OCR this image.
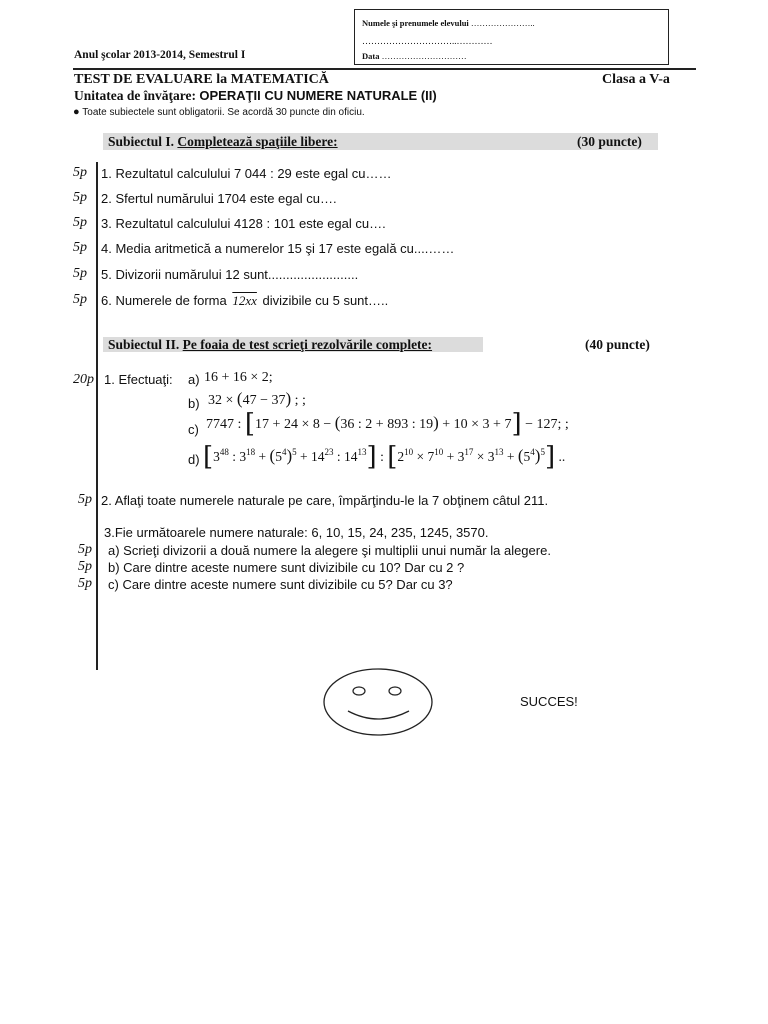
Numele şi prenumele elevului …………………..
…………………………..…………
Data …………………………
Anul şcolar 2013-2014, Semestrul I
TEST DE EVALUARE la MATEMATICĂ	Clasa a V-a
Unitatea de învăţare: OPERAŢII CU NUMERE NATURALE (II)
● Toate subiectele sunt obligatorii. Se acordă 30 puncte din oficiu.
Subiectul I. Completează spaţiile libere:	(30 puncte)
5p 1. Rezultatul calculului 7 044 : 29 este egal cu……
5p 2. Sfertul numărului 1704 este egal cu….
5p 3. Rezultatul calculului 4128 : 101 este egal cu….
5p 4. Media aritmetică a numerelor 15 şi 17 este egală cu....……
5p 5. Divizorii numărului 12 sunt.........................
5p 6. Numerele de forma 12xx divizibile cu 5 sunt…..
Subiectul II. Pe foaia de test scrieţi rezolvările complete:	(40 puncte)
20p 1. Efectuaţi: a) 16 + 16 × 2;
b) 32 × (47 − 37) ; ;
c) 7747 : [17 + 24 × 8 − (36 : 2 + 893 : 19) + 10 × 3 + 7] − 127; ;
d) [$3^{48}$ : $3^{18} + (5^4)^5 + 14^{23}$ : $14^{13}$] : $[2^{10} \times 7^{10} + 3^{17} \times 3^{13} + (5^4)^5]$ ..
5p 2. Aflaţi toate numerele naturale pe care, împărţindu-le la 7 obţinem câtul 211.
3.Fie următoarele numere naturale: 6, 10, 15, 24, 235, 1245, 3570.
5p a) Scrieţi divizorii a două numere la alegere şi multiplii unui număr la alegere.
5p b) Care dintre aceste numere sunt divizibile cu 10? Dar cu 2 ?
5p c) Care dintre aceste numere sunt divizibile cu 5? Dar cu 3?
SUCCES!
